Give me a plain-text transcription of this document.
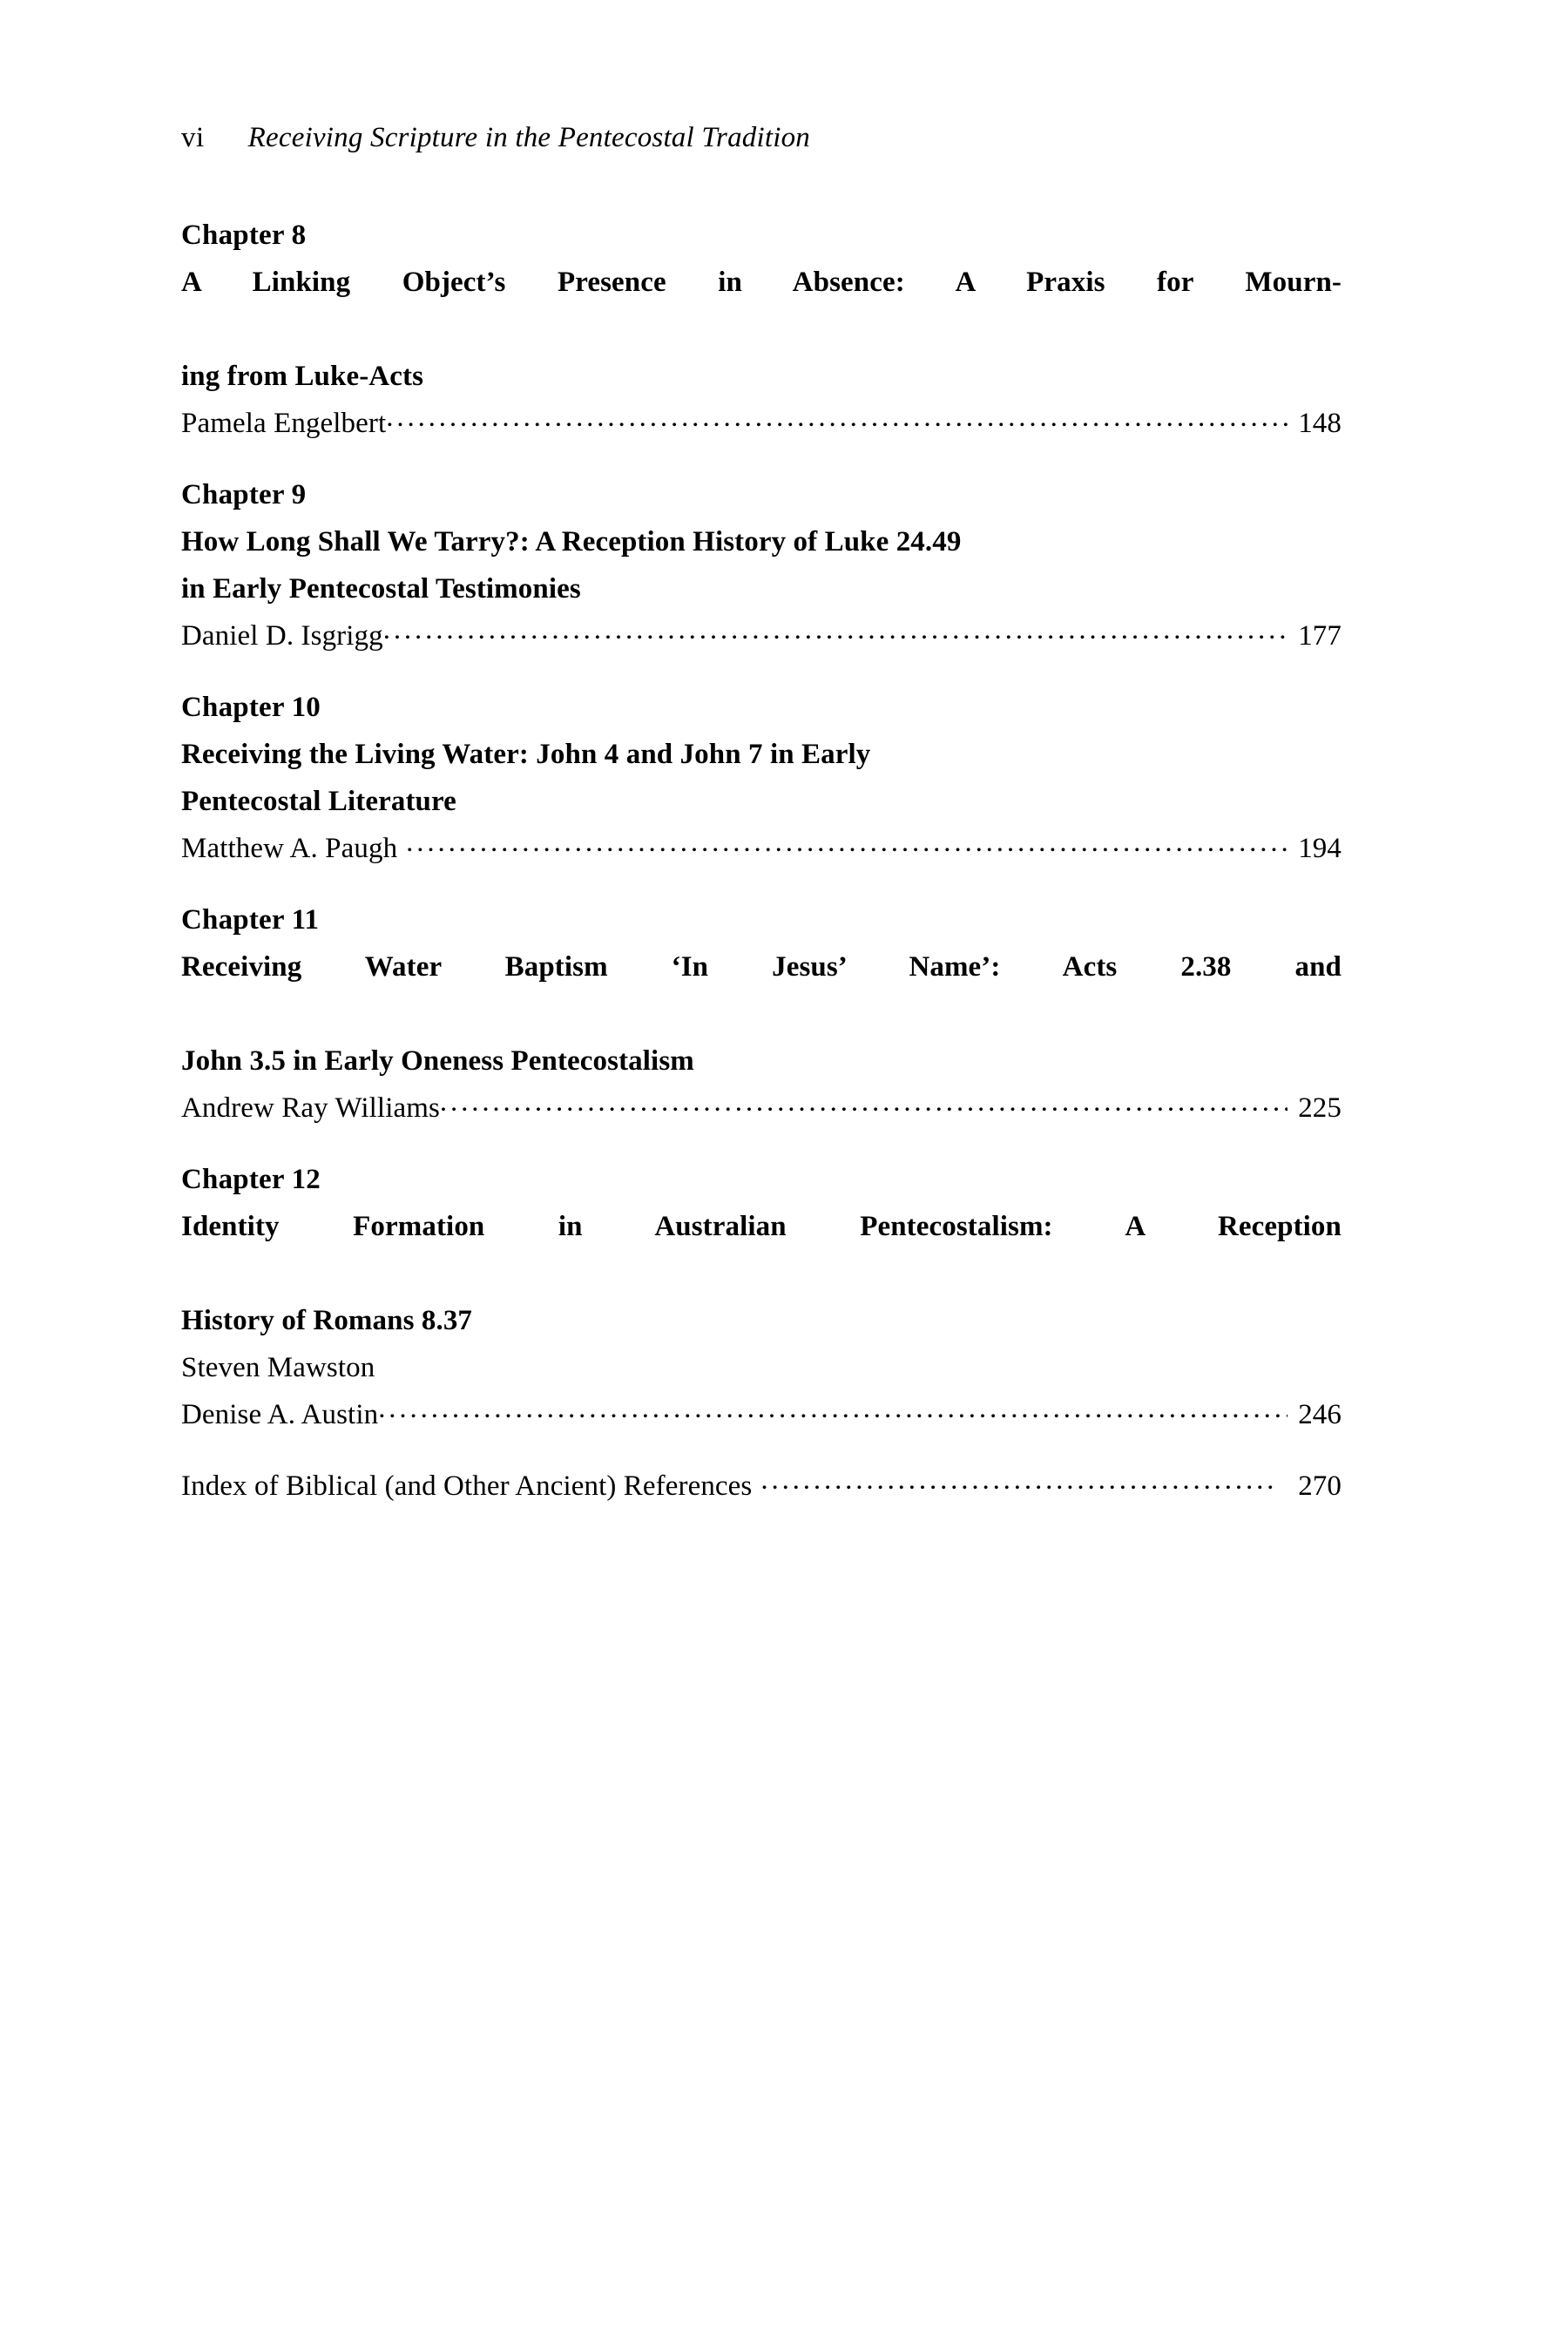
vi Receiving Scripture in the Pentecostal Tradition
Chapter 8
A Linking Object’s Presence in Absence: A Praxis for Mourn-
ing from Luke-Acts
Pamela Engelbert . . .	148
Chapter 9
How Long Shall We Tarry?: A Reception History of Luke 24.49
in Early Pentecostal Testimonies
Daniel D. Isgrigg . . .	177
Chapter 10
Receiving the Living Water: John 4 and John 7 in Early
Pentecostal Literature
Matthew A. Paugh . . .	194
Chapter 11
Receiving Water Baptism ‘In Jesus’ Name’: Acts 2.38 and
John 3.5 in Early Oneness Pentecostalism
Andrew Ray Williams . . .	225
Chapter 12
Identity Formation in Australian Pentecostalism: A Reception
History of Romans 8.37
Steven Mawston
Denise A. Austin . . .	246
Index of Biblical (and Other Ancient) References . . .	270
